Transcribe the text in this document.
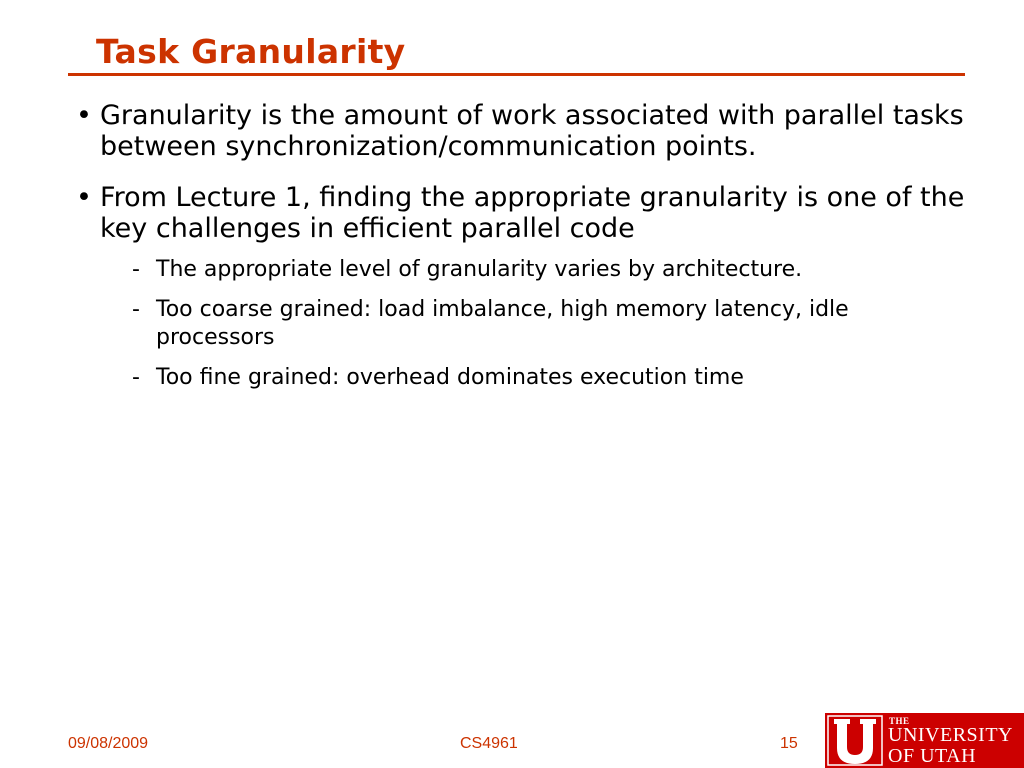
Task Granularity
• Granularity is the amount of work associated with parallel tasks between synchronization/communication points.
• From Lecture 1, finding the appropriate granularity is one of the key challenges in efficient parallel code
- The appropriate level of granularity varies by architecture.
- Too coarse grained: load imbalance, high memory latency, idle processors
- Too fine grained: overhead dominates execution time
09/08/2009	CS4961	15
THE
UNIVERSITY
OF UTAH
